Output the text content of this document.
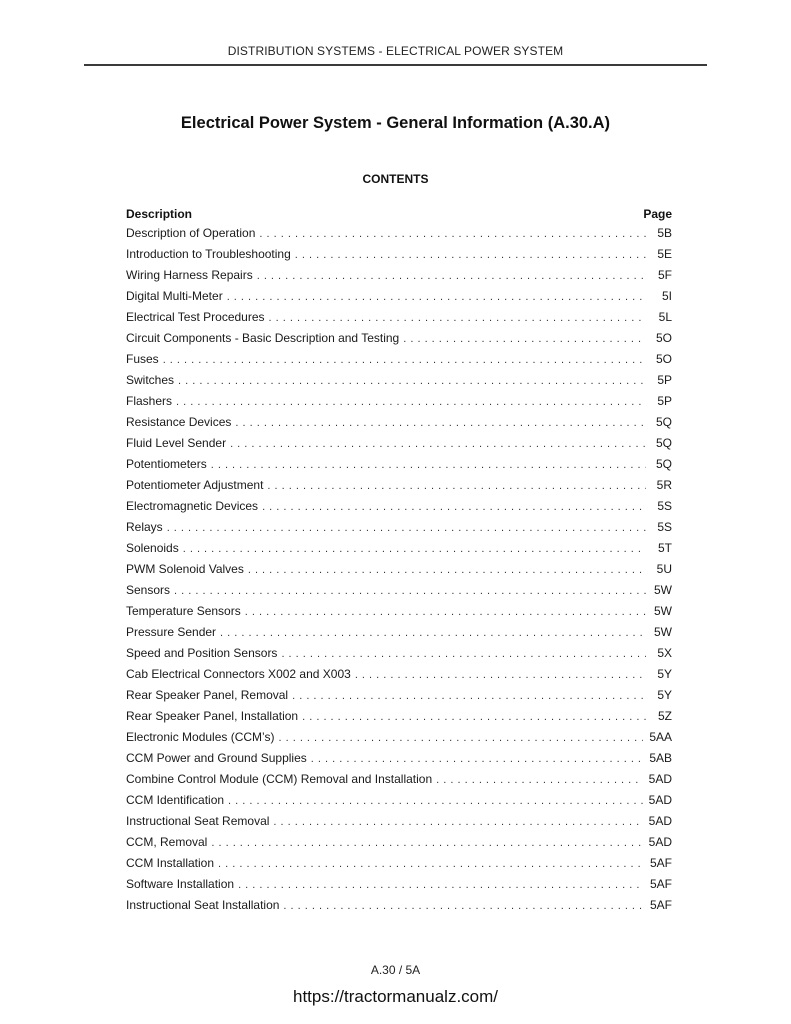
DISTRIBUTION SYSTEMS - ELECTRICAL POWER SYSTEM
Electrical Power System - General Information (A.30.A)
CONTENTS
Description	Page
Description of Operation . . .	5B
Introduction to Troubleshooting . . .	5E
Wiring Harness Repairs . . .	5F
Digital Multi-Meter . . .	5I
Electrical Test Procedures . . .	5L
Circuit Components - Basic Description and Testing . . .	5O
Fuses . . .	5O
Switches . . .	5P
Flashers . . .	5P
Resistance Devices . . .	5Q
Fluid Level Sender . . .	5Q
Potentiometers . . .	5Q
Potentiometer Adjustment . . .	5R
Electromagnetic Devices . . .	5S
Relays . . .	5S
Solenoids . . .	5T
PWM Solenoid Valves . . .	5U
Sensors . . .	5W
Temperature Sensors . . .	5W
Pressure Sender . . .	5W
Speed and Position Sensors . . .	5X
Cab Electrical Connectors X002 and X003 . . .	5Y
Rear Speaker Panel, Removal . . .	5Y
Rear Speaker Panel, Installation . . .	5Z
Electronic Modules (CCM’s) . . .	5AA
CCM Power and Ground Supplies . . .	5AB
Combine Control Module (CCM) Removal and Installation . . .	5AD
CCM Identification . . .	5AD
Instructional Seat Removal . . .	5AD
CCM, Removal . . .	5AD
CCM Installation . . .	5AF
Software Installation . . .	5AF
Instructional Seat Installation . . .	5AF
A.30 / 5A
https://tractormanualz.com/
